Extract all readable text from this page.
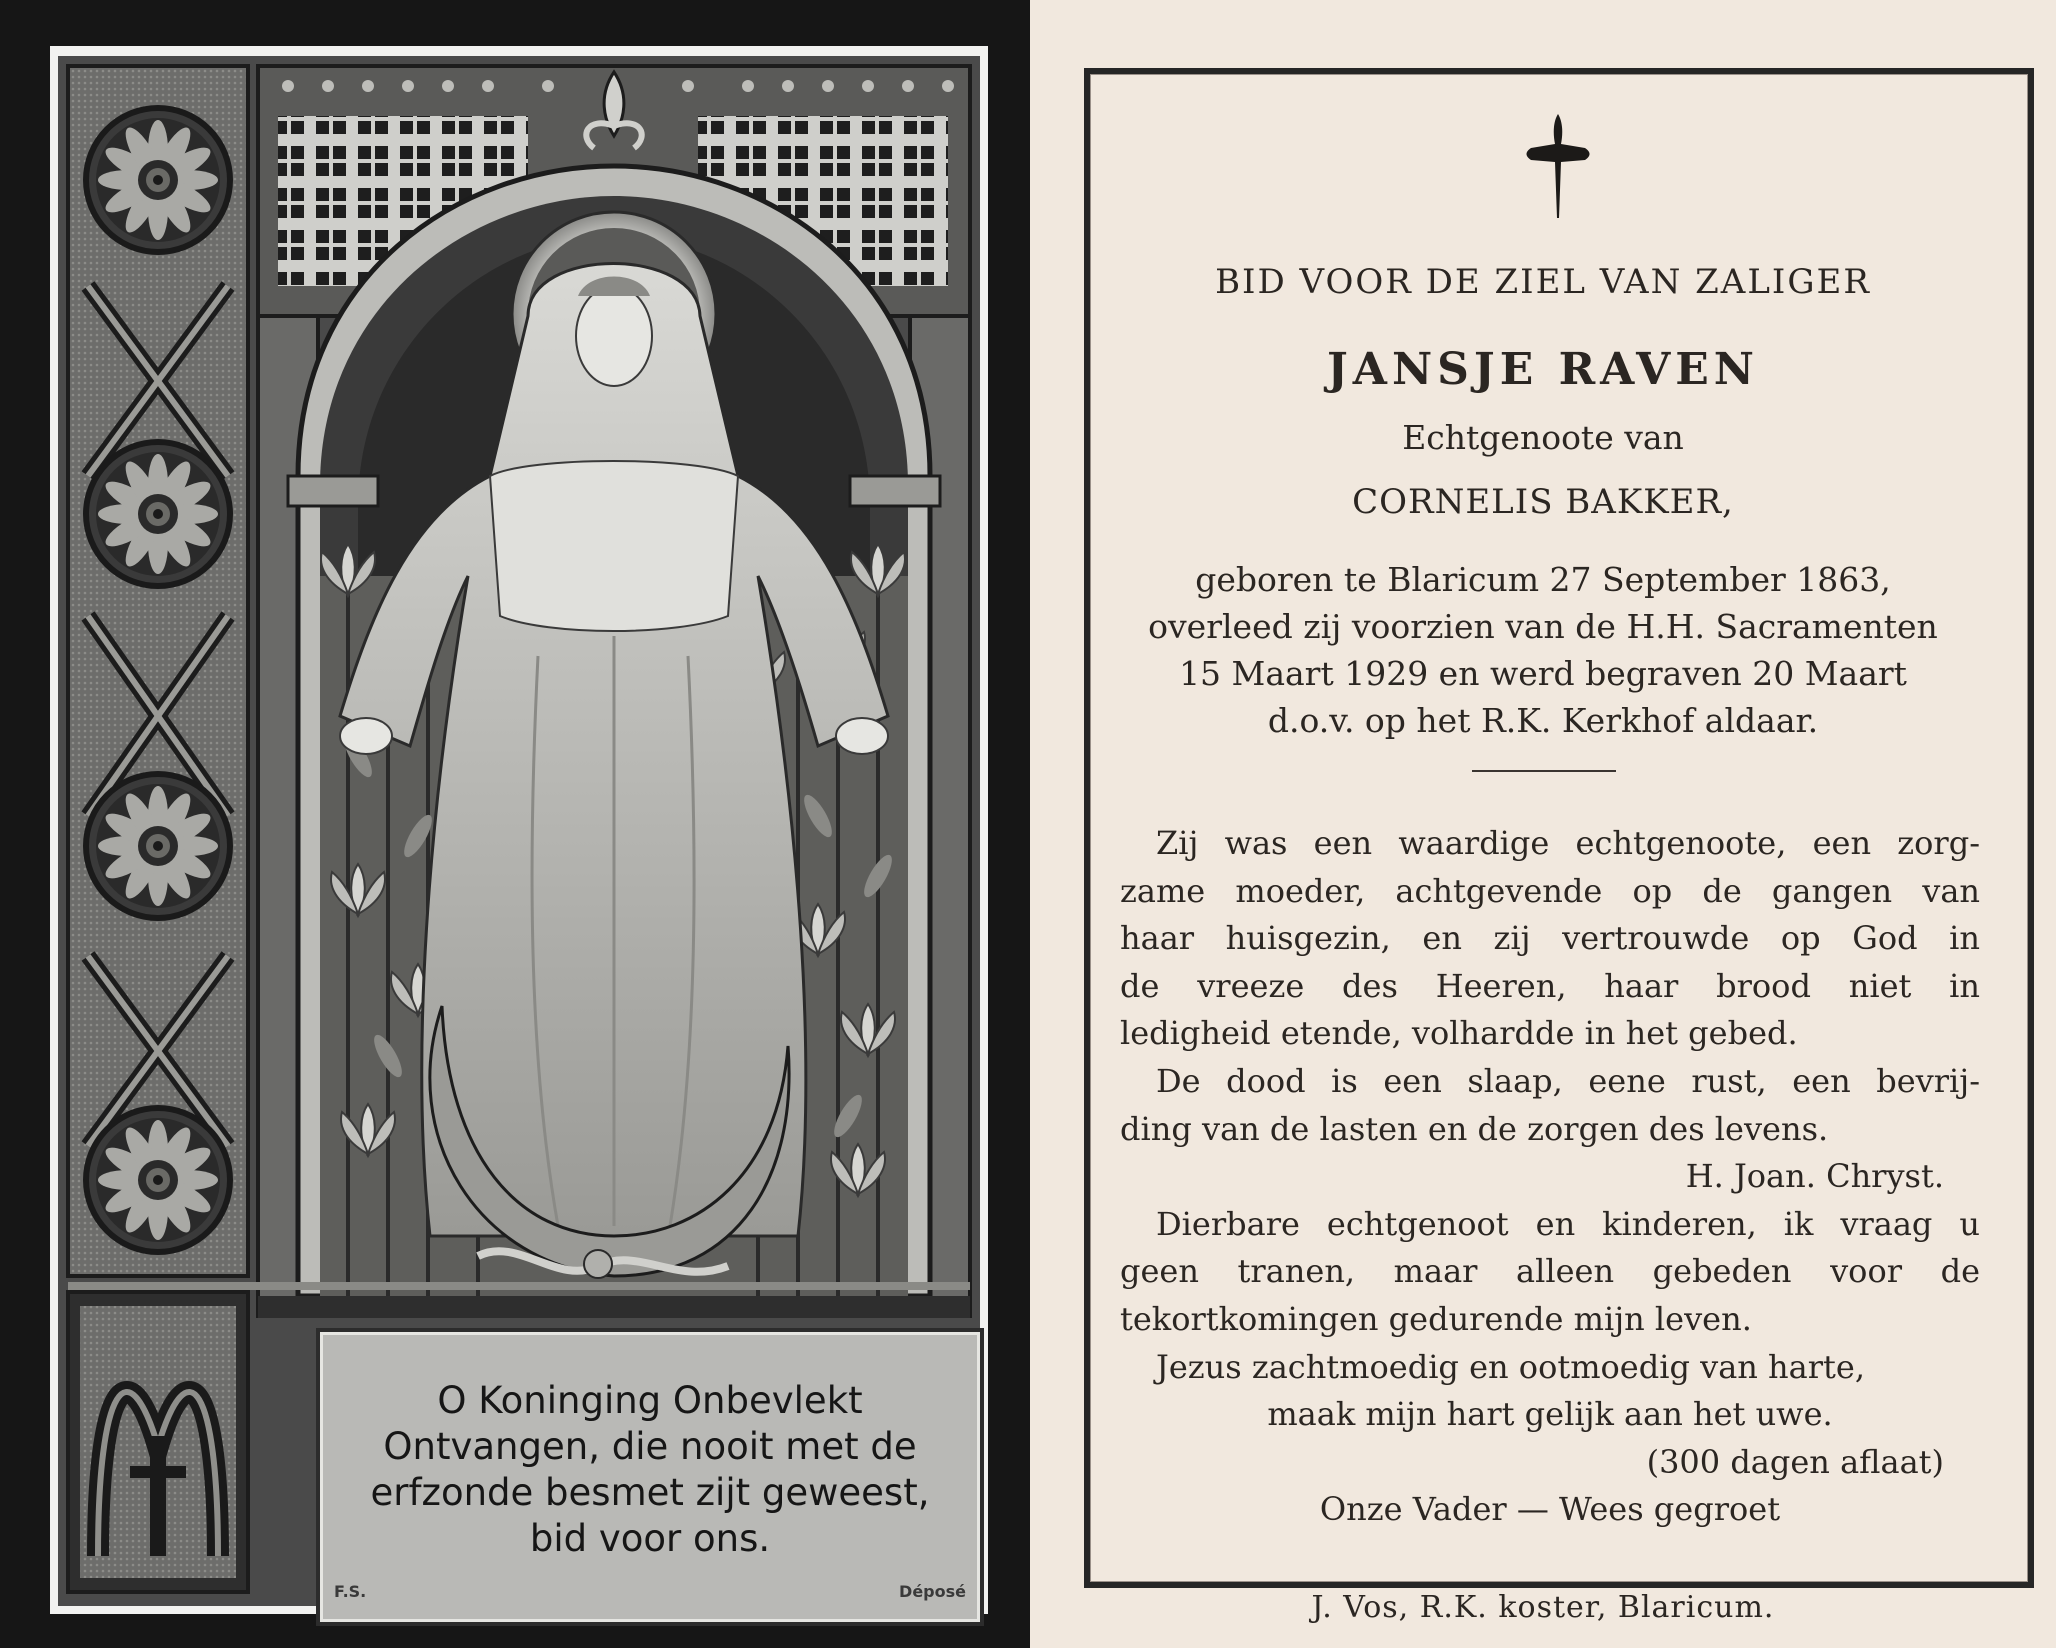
O Koninging Onbevlekt
Ontvangen, die nooit met de
erfzonde besmet zijt geweest,
bid voor ons.
F.S.	Déposé
BID VOOR DE ZIEL VAN ZALIGER
JANSJE RAVEN
Echtgenoote van
CORNELIS BAKKER,
geboren te Blaricum 27 September 1863,
overleed zij voorzien van de H.H. Sacramenten
15 Maart 1929 en werd begraven 20 Maart
d.o.v. op het R.K. Kerkhof aldaar.
Zij was een waardige echtgenoote, een zorg-
zame moeder, achtgevende op de gangen van
haar huisgezin, en zij vertrouwde op God in
de vreeze des Heeren, haar brood niet in
ledigheid etende, volhardde in het gebed.
De dood is een slaap, eene rust, een bevrij-
ding van de lasten en de zorgen des levens.
H. Joan. Chryst.
Dierbare echtgenoot en kinderen, ik vraag u
geen tranen, maar alleen gebeden voor de
tekortkomingen gedurende mijn leven.
Jezus zachtmoedig en ootmoedig van harte,
maak mijn hart gelijk aan het uwe.
(300 dagen aflaat)
Onze Vader — Wees gegroet
J. Vos, R.K. koster, Blaricum.
